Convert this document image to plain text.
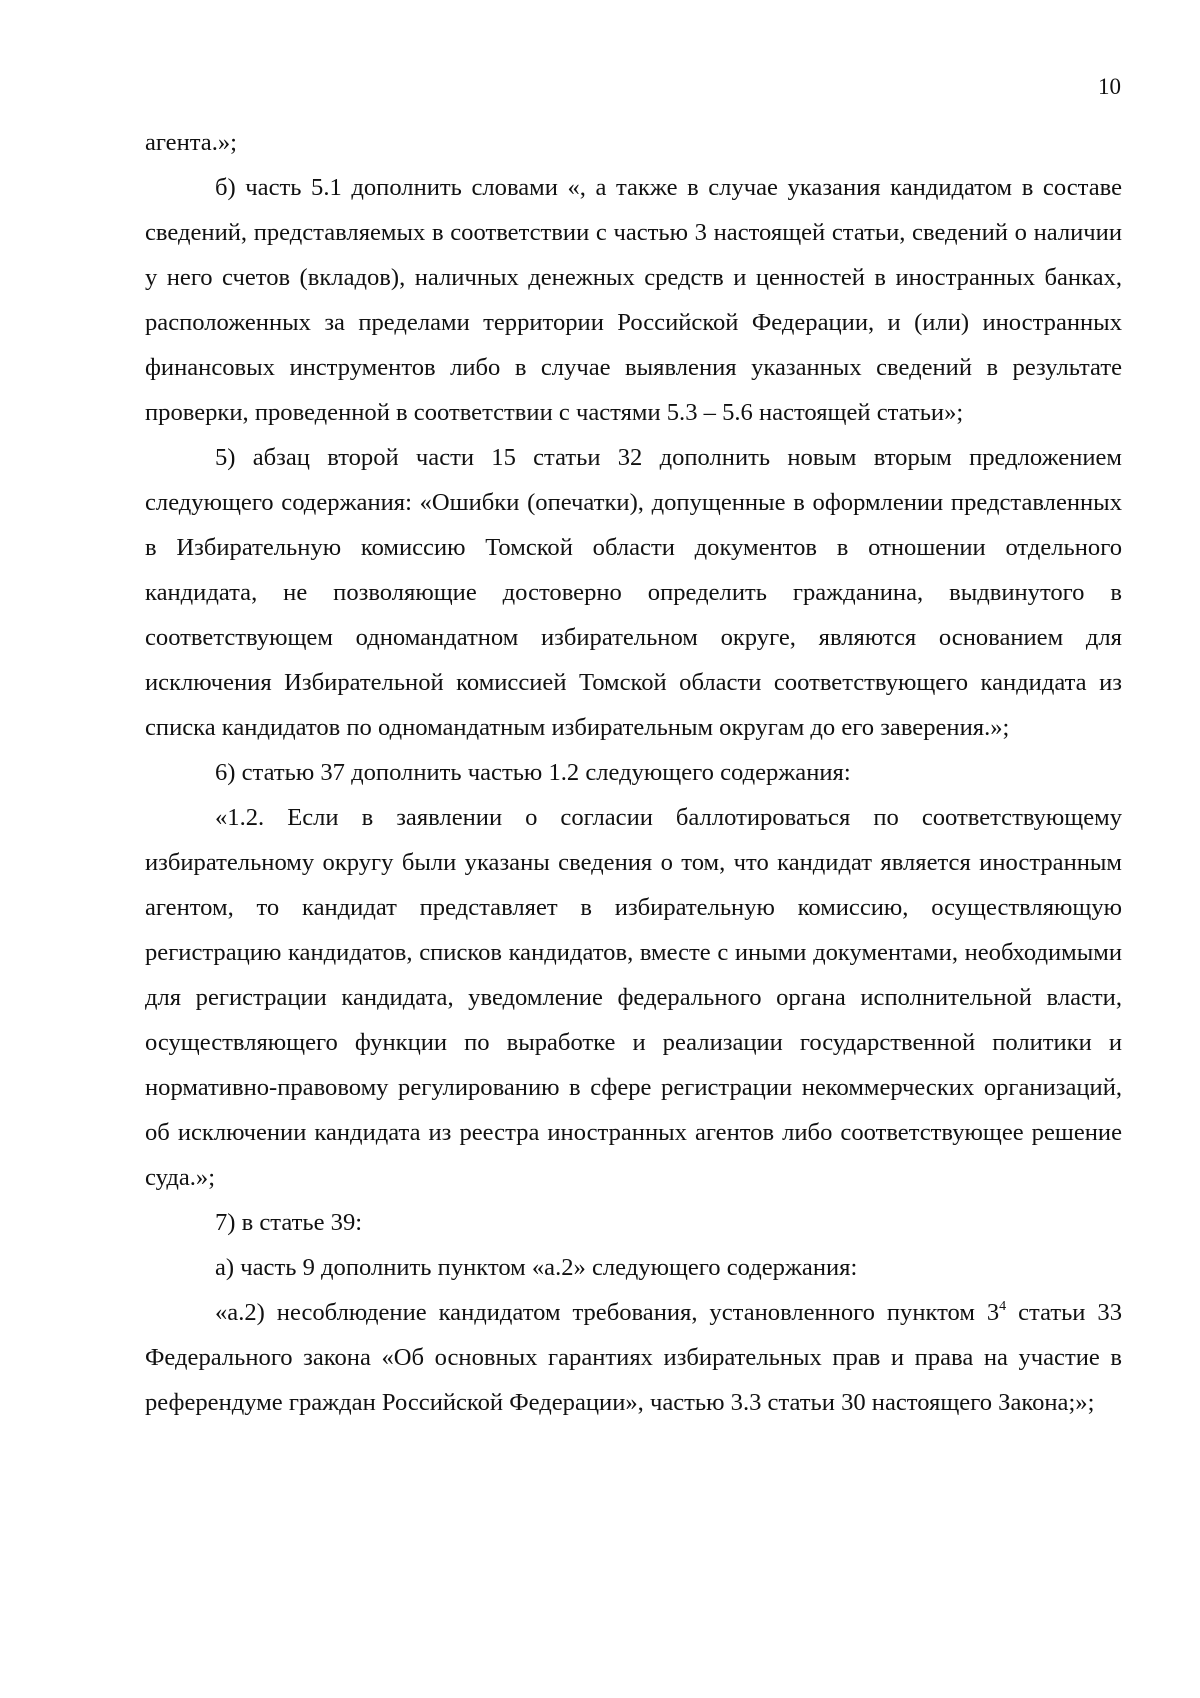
10

агента.»;

б) часть 5.1 дополнить словами «, а также в случае указания кандидатом в составе сведений, представляемых в соответствии с частью 3 настоящей статьи, сведений о наличии у него счетов (вкладов), наличных денежных средств и ценностей в иностранных банках, расположенных за пределами территории Российской Федерации, и (или) иностранных финансовых инструментов либо в случае выявления указанных сведений в результате проверки, проведенной в соответствии с частями 5.3 – 5.6 настоящей статьи»;

5) абзац второй части 15 статьи 32 дополнить новым вторым предложением следующего содержания: «Ошибки (опечатки), допущенные в оформлении представленных в Избирательную комиссию Томской области документов в отношении отдельного кандидата, не позволяющие достоверно определить гражданина, выдвинутого в соответствующем одномандатном избирательном округе, являются основанием для исключения Избирательной комиссией Томской области соответствующего кандидата из списка кандидатов по одномандатным избирательным округам до его заверения.»;

6) статью 37 дополнить частью 1.2 следующего содержания:

«1.2. Если в заявлении о согласии баллотироваться по соответствующему избирательному округу были указаны сведения о том, что кандидат является иностранным агентом, то кандидат представляет в избирательную комиссию, осуществляющую регистрацию кандидатов, списков кандидатов, вместе с иными документами, необходимыми для регистрации кандидата, уведомление федерального органа исполнительной власти, осуществляющего функции по выработке и реализации государственной политики и нормативно-правовому регулированию в сфере регистрации некоммерческих организаций, об исключении кандидата из реестра иностранных агентов либо соответствующее решение суда.»;

7) в статье 39:

а) часть 9 дополнить пунктом «а.2» следующего содержания:

«а.2) несоблюдение кандидатом требования, установленного пунктом $3^4$ статьи 33 Федерального закона «Об основных гарантиях избирательных прав и права на участие в референдуме граждан Российской Федерации», частью 3.3 статьи 30 настоящего Закона;»;
